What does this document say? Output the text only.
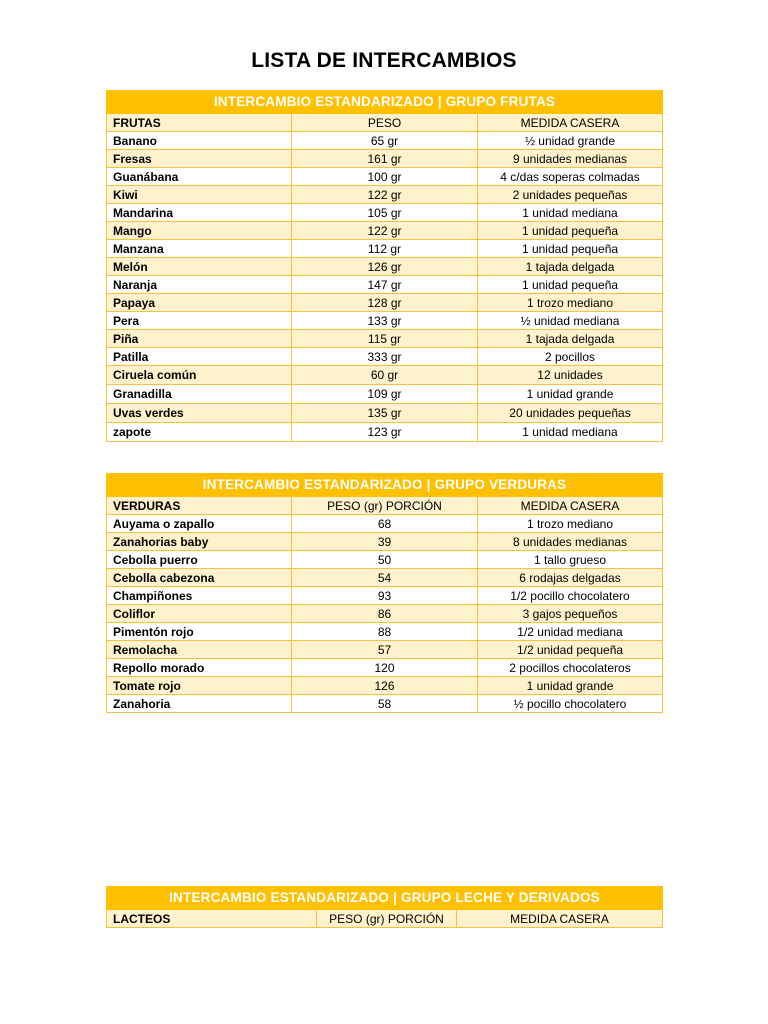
LISTA DE INTERCAMBIOS
INTERCAMBIO ESTANDARIZADO | GRUPO FRUTAS		
FRUTAS	PESO	MEDIDA CASERA
Banano	65 gr	½ unidad grande
Fresas	161 gr	9 unidades medianas
Guanábana	100 gr	4 c/das soperas colmadas
Kiwi	122 gr	2 unidades pequeñas
Mandarina	105 gr	1 unidad mediana
Mango	122 gr	1 unidad pequeña
Manzana	112 gr	1 unidad pequeña
Melón	126 gr	1 tajada delgada
Naranja	147 gr	1 unidad pequeña
Papaya	128 gr	1 trozo mediano
Pera	133 gr	½ unidad mediana
Piña	115 gr	1 tajada delgada
Patilla	333 gr	2 pocillos
Ciruela común	60 gr	12 unidades
Granadilla	109 gr	1 unidad grande
Uvas verdes	135 gr	20 unidades pequeñas
zapote	123 gr	1 unidad mediana
INTERCAMBIO ESTANDARIZADO | GRUPO VERDURAS		
VERDURAS	PESO (gr) PORCIÓN	MEDIDA CASERA
Auyama o zapallo	68	1 trozo mediano
Zanahorias baby	39	8 unidades medianas
Cebolla puerro	50	1 tallo grueso
Cebolla cabezona	54	6 rodajas delgadas
Champiñones	93	1/2 pocillo chocolatero
Coliflor	86	3 gajos pequeños
Pimentón rojo	88	1/2 unidad mediana
Remolacha	57	1/2 unidad pequeña
Repollo morado	120	2 pocillos chocolateros
Tomate rojo	126	1 unidad grande
Zanahoria	58	½ pocillo chocolatero
INTERCAMBIO ESTANDARIZADO | GRUPO LECHE Y DERIVADOS
LACTEOS	PESO (gr) PORCIÓN	MEDIDA CASERA
